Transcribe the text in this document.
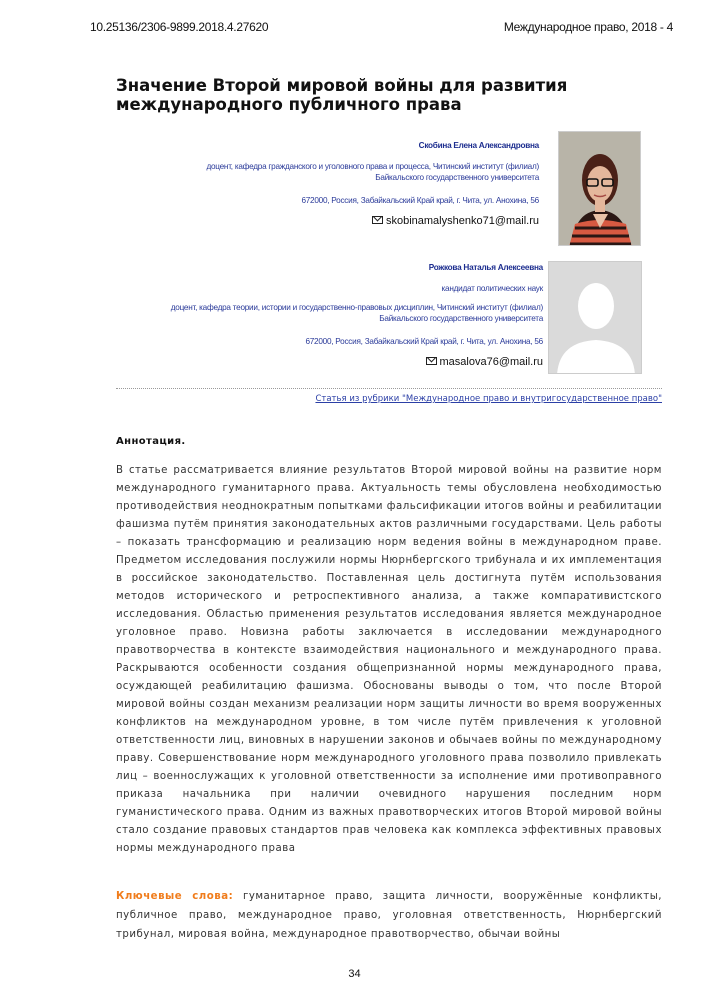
10.25136/2306-9899.2018.4.27620	Международное право, 2018 - 4
Значение Второй мировой войны для развития международного публичного права
Скобина Елена Александровна
доцент, кафедра гражданского и уголовного права и процесса, Читинский институт (филиал)
Байкальского государственного университета
672000, Россия, Забайкальский Край край, г. Чита, ул. Анохина, 56
skobinamalyshenko71@mail.ru
Рожкова Наталья Алексеевна
кандидат политических наук
доцент, кафедра теории, истории и государственно-правовых дисциплин, Читинский институт (филиал)
Байкальского государственного университета
672000, Россия, Забайкальский Край край, г. Чита, ул. Анохина, 56
masalova76@mail.ru
Статья из рубрики "Международное право и внутригосударственное право"
Аннотация.

В статье рассматривается влияние результатов Второй мировой войны на развитие норм международного гуманитарного права. Актуальность темы обусловлена необходимостью противодействия неоднократным попытками фальсификации итогов войны и реабилитации фашизма путём принятия законодательных актов различными государствами. Цель работы – показать трансформацию и реализацию норм ведения войны в международном праве. Предметом исследования послужили нормы Нюрнбергского трибунала и их имплементация в российское законодательство. Поставленная цель достигнута путём использования методов исторического и ретроспективного анализа, а также компаративистского исследования. Областью применения результатов исследования является международное уголовное право. Новизна работы заключается в исследовании международного правотворчества в контексте взаимодействия национального и международного права. Раскрываются особенности создания общепризнанной нормы международного права, осуждающей реабилитацию фашизма. Обоснованы выводы о том, что после Второй мировой войны создан механизм реализации норм защиты личности во время вооруженных конфликтов на международном уровне, в том числе путём привлечения к уголовной ответственности лиц, виновных в нарушении законов и обычаев войны по международному праву. Совершенствование норм международного уголовного права позволило привлекать лиц – военнослужащих к уголовной ответственности за исполнение ими противоправного приказа начальника при наличии очевидного нарушения последним норм гуманистического права. Одним из важных правотворческих итогов Второй мировой войны стало создание правовых стандартов прав человека как комплекса эффективных правовых нормы международного права

Ключевые слова: гуманитарное право, защита личности, вооружённые конфликты, публичное право, международное право, уголовная ответственность, Нюрнбергский трибунал, мировая война, международное правотворчество, обычаи войны

34
